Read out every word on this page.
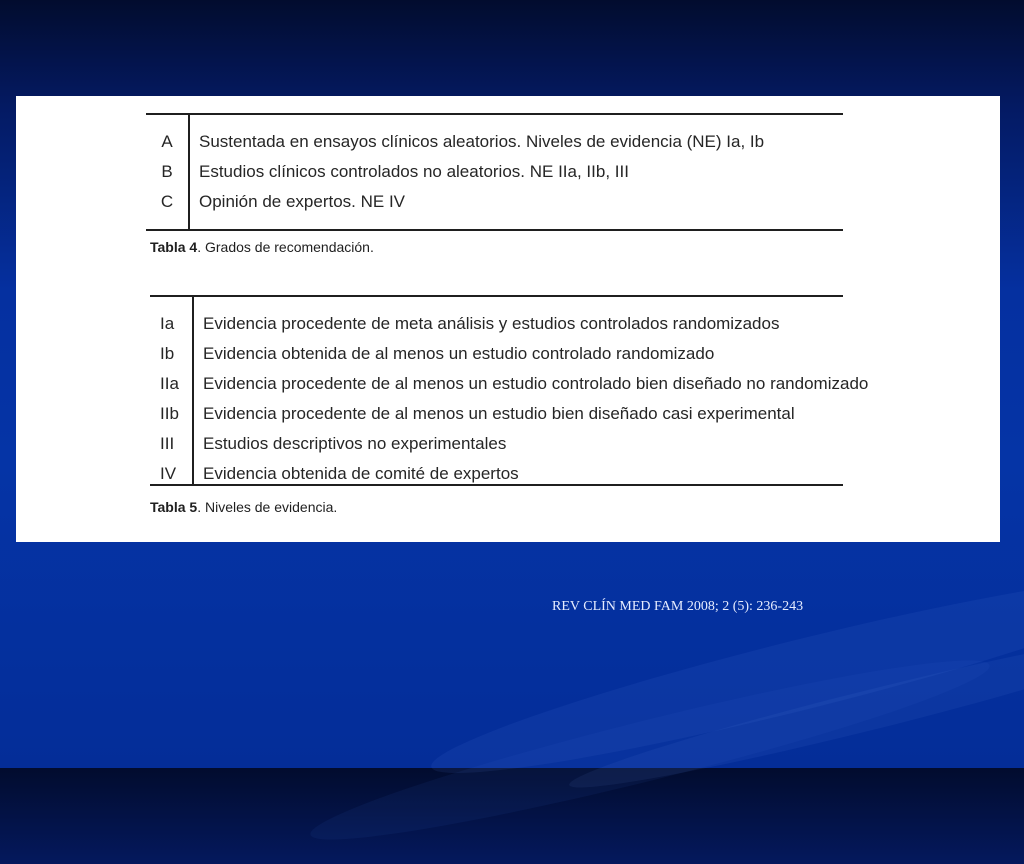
A	Sustentada en ensayos clínicos aleatorios. Niveles de evidencia (NE) Ia, Ib
B	Estudios clínicos controlados no aleatorios. NE IIa, IIb, III
C	Opinión de expertos. NE IV
Tabla 4. Grados de recomendación.
Ia	Evidencia procedente de meta análisis y estudios controlados randomizados
Ib	Evidencia obtenida de al menos un estudio controlado randomizado
IIa	Evidencia procedente de al menos un estudio controlado bien diseñado no randomizado
IIb	Evidencia procedente de al menos un estudio bien diseñado casi experimental
III	Estudios descriptivos no experimentales
IV	Evidencia obtenida de comité de expertos
Tabla 5. Niveles de evidencia.
REV CLÍN MED FAM 2008; 2 (5): 236-243
